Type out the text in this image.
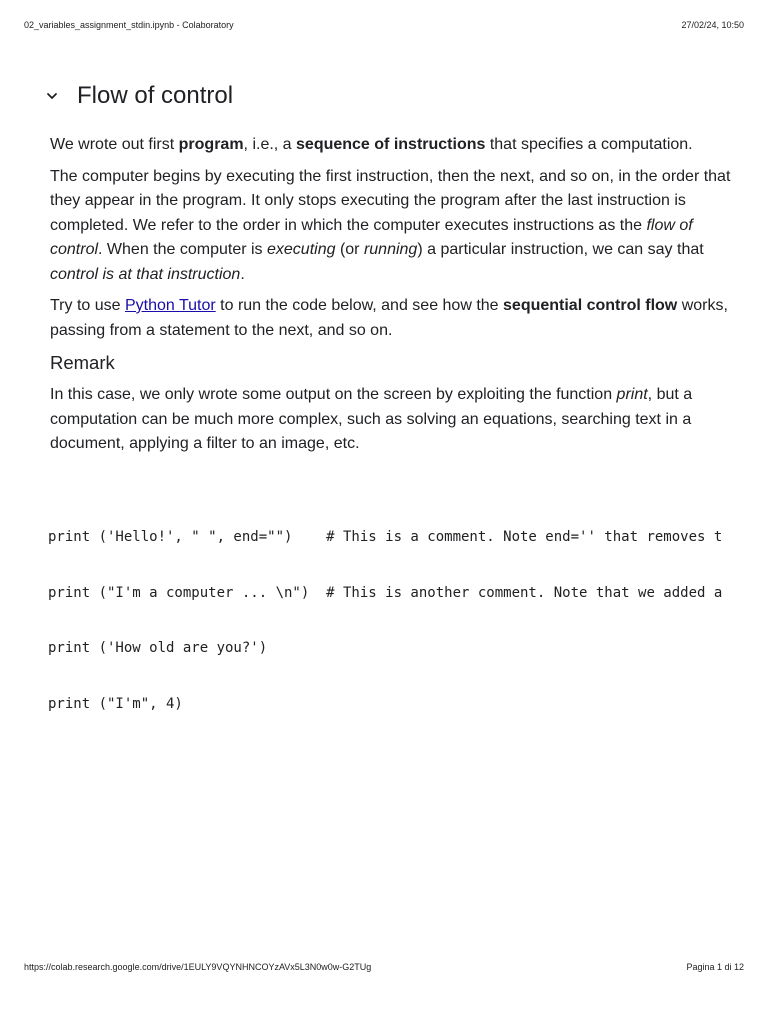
02_variables_assignment_stdin.ipynb - Colaboratory	27/02/24, 10:50
Flow of control

We wrote out first program, i.e., a sequence of instructions that specifies a computation.

The computer begins by executing the first instruction, then the next, and so on, in the order that they appear in the program. It only stops executing the program after the last instruction is completed. We refer to the order in which the computer executes instructions as the flow of control. When the computer is executing (or running) a particular instruction, we can say that control is at that instruction.

Try to use Python Tutor to run the code below, and see how the sequential control flow works, passing from a statement to the next, and so on.

Remark

In this case, we only wrote some output on the screen by exploiting the function print, but a computation can be much more complex, such as solving an equations, searching text in a document, applying a filter to an image, etc.

print ('Hello!', " ", end="")    # This is a comment. Note end='' that removes t

print ("I'm a computer ... \n")  # This is another comment. Note that we added a

print ('How old are you?')

print ("I'm", 4)

https://colab.research.google.com/drive/1EULY9VQYNHNCOYzAVx5L3N0w0w-G2TUg	Pagina 1 di 12
